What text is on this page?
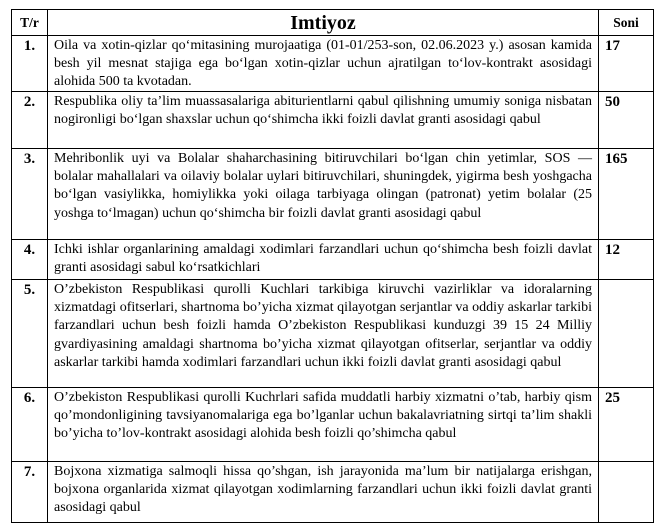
T/r	Imtiyoz	Soni
1.	Oila va xotin-qizlar qoʻmitasining murojaatiga (01-01/253-son, 02.06.2023 y.) asosan kamida besh yil mesnat stajiga ega boʻlgan xotin-qizlar uchun ajratilgan toʻlov-kontrakt asosidagi alohida 500 ta kvotadan.	17
2.	Respublika oliy taʼlim muassasalariga abiturientlarni qabul qilishning umumiy soniga nisbatan nogironligi boʻlgan shaxslar uchun qoʻshimcha ikki foizli davlat granti asosidagi qabul	50
3.	Mehribonlik uyi va Bolalar shaharchasining bitiruvchilari boʻlgan chin yetimlar, SOS — bolalar mahallalari va oilaviy bolalar uylari bitiruvchilari, shuningdek, yigirma besh yoshgacha boʻlgan vasiylikka, homiylikka yoki oilaga tarbiyaga olingan (patronat) yetim bolalar (25 yoshga toʻlmagan) uchun qoʻshimcha bir foizli davlat granti asosidagi qabul	165
4.	Ichki ishlar organlarining amaldagi xodimlari farzandlari uchun qoʻshimcha besh foizli davlat granti asosidagi sabul koʻrsatkichlari	12
5.	O’zbekiston Respublikasi qurolli Kuchlari tarkibiga kiruvchi vazirliklar va idoralarning xizmatdagi ofitserlari, shartnoma bo’yicha xizmat qilayotgan serjantlar va oddiy askarlar tarkibi farzandlari uchun besh foizli hamda O’zbekiston Respublikasi kunduzgi 39 15 24 Milliy gvardiyasining amaldagi shartnoma bo’yicha xizmat qilayotgan ofitserlar, serjantlar va oddiy askarlar tarkibi hamda xodimlari farzandlari uchun ikki foizli davlat granti asosidagi qabul	
6.	O’zbekiston Respublikasi qurolli Kuchrlari safida muddatli harbiy xizmatni o’tab, harbiy qism qo’mondonligining tavsiyanomalariga ega bo’lganlar uchun bakalavriatning sirtqi ta’lim shakli bo’yicha to’lov-kontrakt asosidagi alohida besh foizli qo’shimcha qabul	25
7.	Bojxona xizmatiga salmoqli hissa qo’shgan, ish jarayonida ma’lum bir natijalarga erishgan, bojxona organlarida xizmat qilayotgan xodimlarning farzandlari uchun ikki foizli davlat granti asosidagi qabul	
